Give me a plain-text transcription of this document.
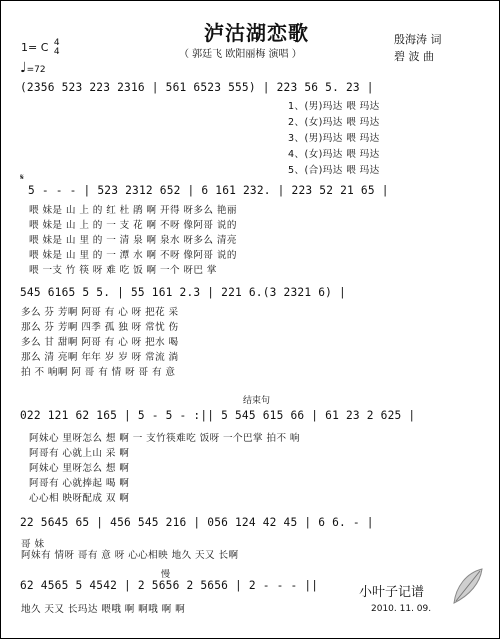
泸沽湖恋歌
（ 郭廷飞 欧阳丽梅 演唱 ）
1= C 4
4
♩=72
殷海涛 词
碧 波 曲
(2356 523 223 2316 | 561 6523 555) | 223 56 5. 23 |
1、(男)玛达 喂 玛达
2、(女)玛达 喂 玛达
3、(男)玛达 喂 玛达
4、(女)玛达 喂 玛达
5、(合)玛达 喂 玛达
𝄋
5 - - - | 523 2312 652 | 6 161 232. | 223 52 21 65 |
喂 妹是 山 上 的 红 杜 鹃 啊 开得 呀多么 艳丽
喂 妹是 山 上 的 一 支 花 啊 不呀 像阿哥 说的
喂 妹是 山 里 的 一 清 泉 啊 泉水 呀多么 清亮
喂 妹是 山 里 的 一 潭 水 啊 不呀 像阿哥 说的
喂 一支 竹 筷 呀 难 吃 饭 啊 一个 呀巴 掌
545 6165 5 5. | 55 161 2.3 | 221 6.(3 2321 6) |
多么 芬 芳啊 阿哥 有 心 呀 把花 采
那么 芬 芳啊 四季 孤 独 呀 常忧 伤
多么 甘 甜啊 阿哥 有 心 呀 把水 喝
那么 清 亮啊 年年 岁 岁 呀 常流 淌
拍 不 响啊 阿 哥 有 情 呀 哥 有 意
结束句
022 121 62 165 | 5 - 5 - :|| 5 545 615 66 | 61 23 2 625 |
阿妹心 里呀怎么 想 啊 一 支竹筷难吃 饭呀 一个巴掌 拍不 响
阿哥有 心就上山 采 啊
阿妹心 里呀怎么 想 啊
阿哥有 心就捧起 喝 啊
心心相 映呀配成 双 啊
22 5645 65 | 456 545 216 | 056 124 42 45 | 6 6. - |
哥 妹
阿妹有 情呀 哥有 意 呀 心心相映 地久 天又 长啊
慢
62 4565 5 4542 | 2 5656 2 5656 | 2 - - - ||
地久 天又 长玛达 喂哦 啊 啊哦 啊 啊
小叶子记谱
2010. 11. 09.
